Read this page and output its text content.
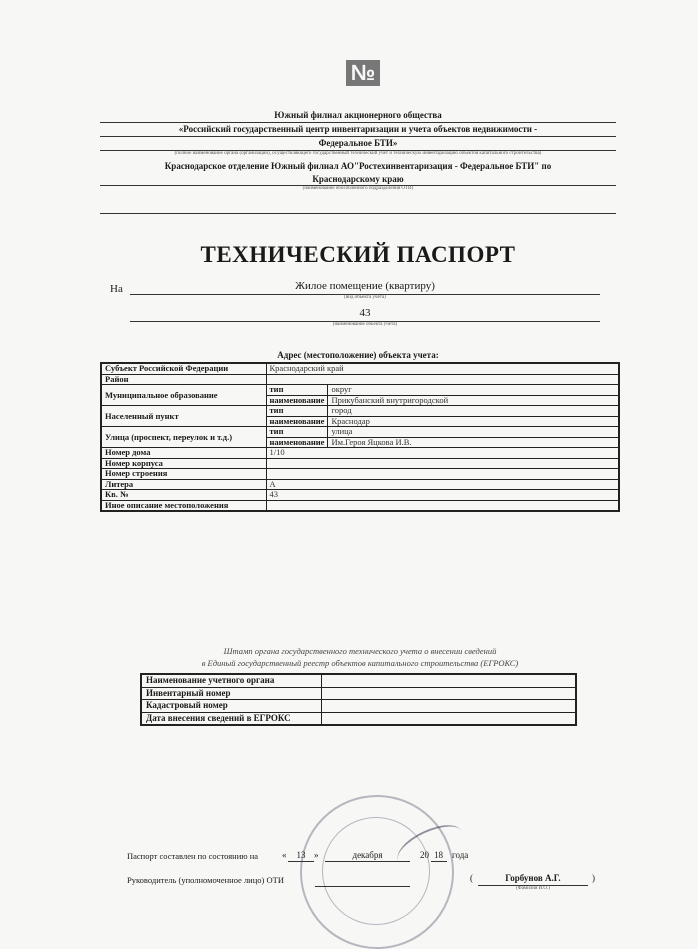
№
Южный филиал акционерного общества
«Российский государственный центр инвентаризации и учета объектов недвижимости -
Федеральное БТИ»
(полное наименование органа (организации), осуществляющего государственный технический учет и техническую инвентаризацию объектов капитального строительства)
Краснодарское отделение Южный филиал АО"Ростехинвентаризация - Федеральное БТИ" по
Краснодарскому краю
(наименование обособленного подразделения ОТИ)
ТЕХНИЧЕСКИЙ ПАСПОРТ
На	Жилое помещение (квартиру)
(вид объекта учета)
43
(наименование объекта учета)
Адрес (местоположение) объекта учета:
Субъект Российской Федерации	Краснодарский край	
Район		
Муниципальное образование	тип	округ
	наименование	Прикубанский внутригородской
Населенный пункт	тип	город
	наименование	Краснодар
Улица (проспект, переулок и т.д.)	тип	улица
	наименование	Им.Героя Яцкова И.В.
Номер дома	1/10	
Номер корпуса		
Номер строения		
Литера	А	
Кв. №	43	
Иное описание местоположения		
Штамп органа государственного технического учета о внесении сведений
в Единый государственный реестр объектов капитального строительства (ЕГРОКС)
Наименование учетного органа	
Инвентарный номер	
Кадастровый номер	
Дата внесения сведений в ЕГРОКС	
Паспорт составлен по состоянию на	«	13 »	декабря	20 18 года
Руководитель (уполномоченное лицо) ОТИ	(	Горбунов А.Г.	)
(Фамилия И.О.)
